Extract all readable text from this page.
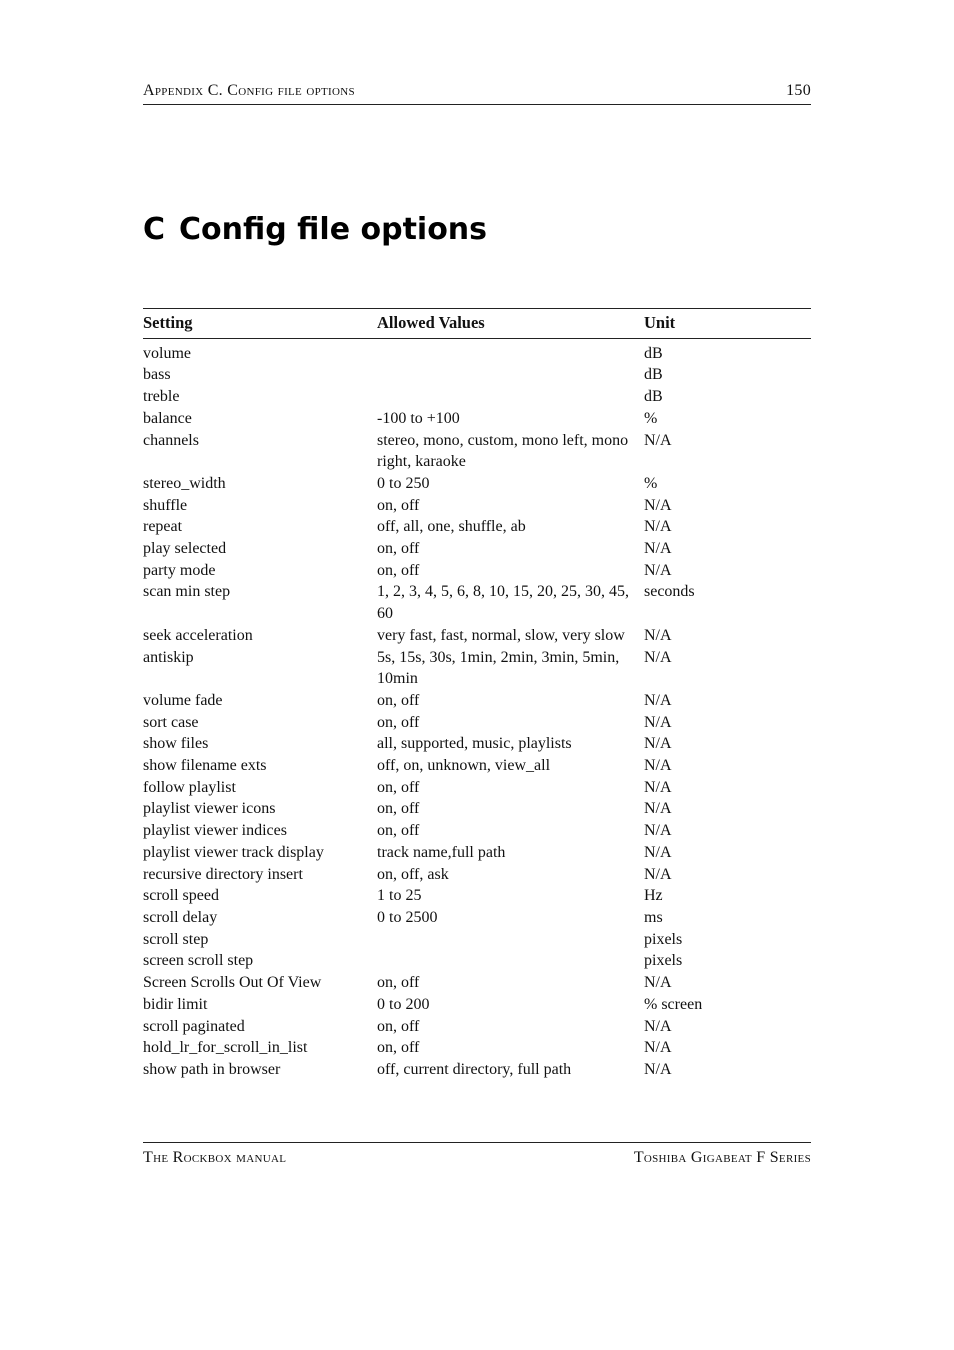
Appendix C. Config file options	150
C Config file options
Setting	Allowed Values	Unit
volume		dB
bass		dB
treble		dB
balance	-100 to +100	%
channels	stereo, mono, custom, mono left, mono right, karaoke	N/A
stereo_width	0 to 250	%
shuffle	on, off	N/A
repeat	off, all, one, shuffle, ab	N/A
play selected	on, off	N/A
party mode	on, off	N/A
scan min step	1, 2, 3, 4, 5, 6, 8, 10, 15, 20, 25, 30, 45, 60	seconds
seek acceleration	very fast, fast, normal, slow, very slow	N/A
antiskip	5s, 15s, 30s, 1min, 2min, 3min, 5min, 10min	N/A
volume fade	on, off	N/A
sort case	on, off	N/A
show files	all, supported, music, playlists	N/A
show filename exts	off, on, unknown, view_all	N/A
follow playlist	on, off	N/A
playlist viewer icons	on, off	N/A
playlist viewer indices	on, off	N/A
playlist viewer track display	track name,full path	N/A
recursive directory insert	on, off, ask	N/A
scroll speed	1 to 25	Hz
scroll delay	0 to 2500	ms
scroll step		pixels
screen scroll step		pixels
Screen Scrolls Out Of View	on, off	N/A
bidir limit	0 to 200	% screen
scroll paginated	on, off	N/A
hold_lr_for_scroll_in_list	on, off	N/A
show path in browser	off, current directory, full path	N/A
The Rockbox manual	Toshiba Gigabeat F Series
